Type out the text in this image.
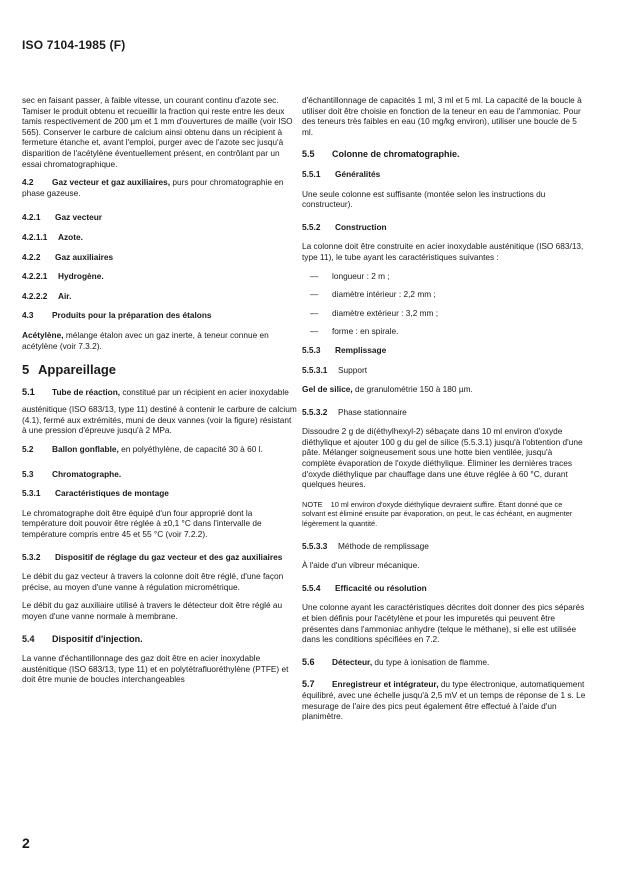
ISO 7104-1985 (F)

sec en faisant passer, à faible vitesse, un courant continu d'azote sec. Tamiser le produit obtenu et recueillir la fraction qui reste entre les deux tamis respectivement de 200 µm et 1 mm d'ouvertures de maille (voir ISO 565). Conserver le carbure de calcium ainsi obtenu dans un récipient à fermeture étanche et, avant l'emploi, purger avec de l'azote sec jusqu'à disparition de l'acétylène éventuellement présent, en contrôlant par un essai chromatographique.

4.2 Gaz vecteur et gaz auxiliaires, purs pour chromatographie en phase gazeuse.

4.2.1 Gaz vecteur

4.2.1.1 Azote.

4.2.2 Gaz auxiliaires

4.2.2.1 Hydrogène.

4.2.2.2 Air.

4.3 Produits pour la préparation des étalons

Acétylène, mélange étalon avec un gaz inerte, à teneur connue en acétylène (voir 7.3.2).

5 Appareillage

5.1 Tube de réaction, constitué par un récipient en acier inoxydable austénitique (ISO 683/13, type 11) destiné à contenir le carbure de calcium (4.1), fermé aux extrémités, muni de deux vannes (voir la figure) résistant à une pression d'épreuve jusqu'à 2 MPa.

5.2 Ballon gonflable, en polyéthylène, de capacité 30 à 60 l.

5.3 Chromatographe.

5.3.1 Caractéristiques de montage

Le chromatographe doit être équipé d'un four approprié dont la température doit pouvoir être réglée à ±0,1 °C dans l'intervalle de température compris entre 45 et 55 °C (voir 7.2.2).

5.3.2 Dispositif de réglage du gaz vecteur et des gaz auxiliaires

Le débit du gaz vecteur à travers la colonne doit être réglé, d'une façon précise, au moyen d'une vanne à régulation micrométrique.

Le débit du gaz auxiliaire utilisé à travers le détecteur doit être réglé au moyen d'une vanne normale à membrane.

5.4 Dispositif d'injection.

La vanne d'échantillonnage des gaz doit être en acier inoxydable austénitique (ISO 683/13, type 11) et en polytétrafluoréthylène (PTFE) et doit être munie de boucles interchangeables

d'échantillonnage de capacités 1 ml, 3 ml et 5 ml. La capacité de la boucle à utiliser doit être choisie en fonction de la teneur en eau de l'ammoniac. Pour des teneurs très faibles en eau (10 mg/kg environ), utiliser une boucle de 5 ml.

5.5 Colonne de chromatographie.

5.5.1 Généralités

Une seule colonne est suffisante (montée selon les instructions du constructeur).

5.5.2 Construction

La colonne doit être construite en acier inoxydable austénitique (ISO 683/13, type 11), le tube ayant les caractéristiques suivantes :

— longueur : 2 m ;
— diamètre intérieur : 2,2 mm ;
— diamètre extérieur : 3,2 mm ;
— forme : en spirale.

5.5.3 Remplissage

5.5.3.1 Support

Gel de silice, de granulométrie 150 à 180 µm.

5.5.3.2 Phase stationnaire

Dissoudre 2 g de di(éthylhexyl-2) sébaçate dans 10 ml environ d'oxyde diéthylique et ajouter 100 g du gel de silice (5.5.3.1) jusqu'à l'obtention d'une pâte. Mélanger soigneusement sous une hotte bien ventilée, jusqu'à complète évaporation de l'oxyde diéthylique. Éliminer les dernières traces d'oxyde diéthylique par chauffage dans une étuve réglée à 60 °C, durant quelques heures.

NOTE 10 ml environ d'oxyde diéthylique devraient suffire. Étant donné que ce solvant est éliminé ensuite par évaporation, on peut, le cas échéant, en augmenter légèrement la quantité.

5.5.3.3 Méthode de remplissage

À l'aide d'un vibreur mécanique.

5.5.4 Efficacité ou résolution

Une colonne ayant les caractéristiques décrites doit donner des pics séparés et bien définis pour l'acétylène et pour les impuretés qui peuvent être présentes dans l'ammoniac anhydre (telque le méthane), si elle est utilisée dans les conditions spécifiées en 7.2.

5.6 Détecteur, du type à ionisation de flamme.

5.7 Enregistreur et intégrateur, du type électronique, automatiquement équilibré, avec une échelle jusqu'à 2,5 mV et un temps de réponse de 1 s. Le mesurage de l'aire des pics peut également être effectué à l'aide d'un planimètre.

2
